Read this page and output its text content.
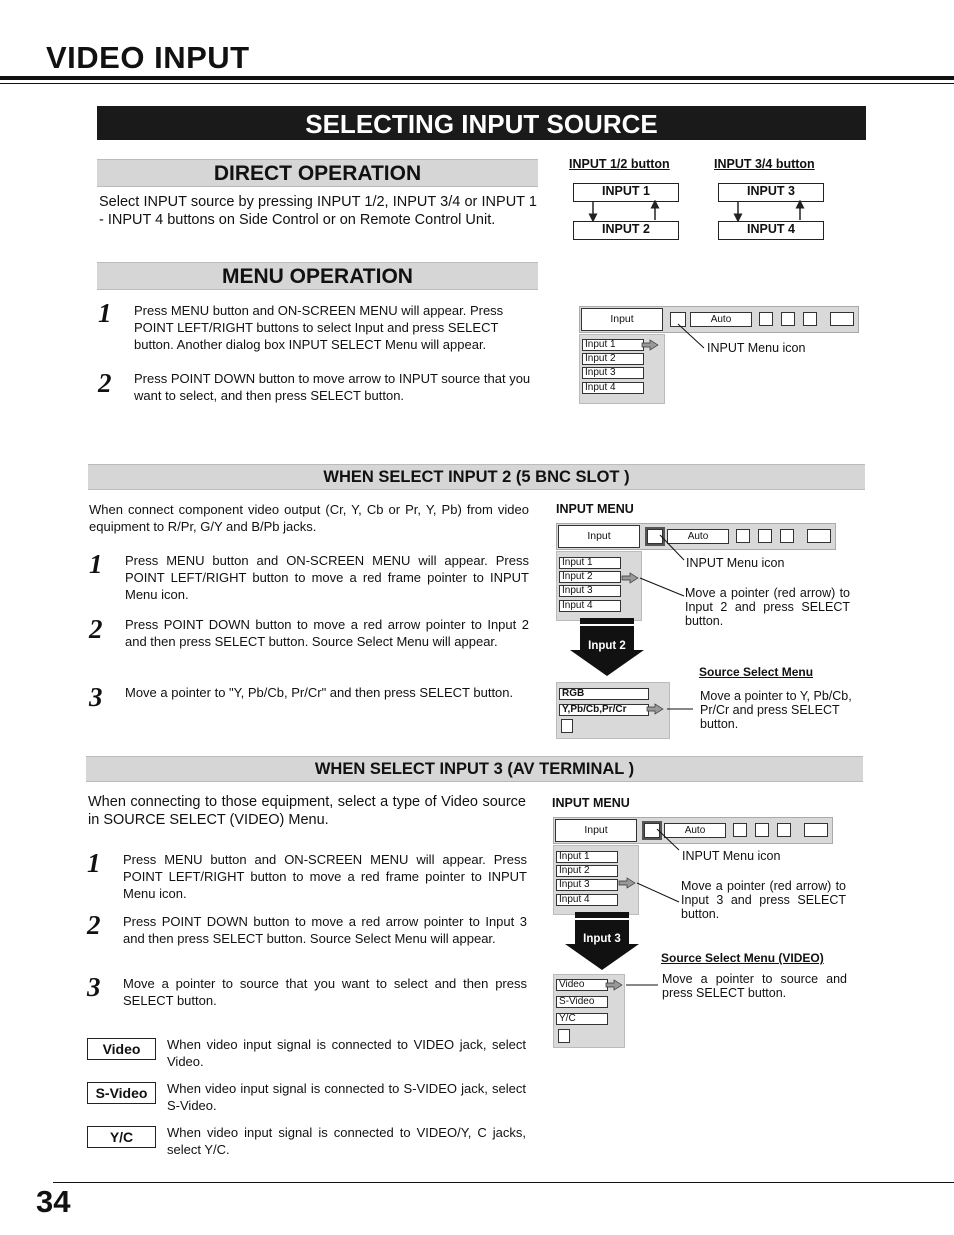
VIDEO INPUT
SELECTING INPUT SOURCE
DIRECT OPERATION
Select INPUT source by pressing INPUT 1/2, INPUT 3/4 or INPUT 1 - INPUT 4 buttons on Side Control or on Remote Control Unit.
INPUT 1/2 button	INPUT 3/4 button
INPUT 1
INPUT 2
INPUT 3
INPUT 4
MENU OPERATION
1 Press MENU button and ON-SCREEN MENU will appear. Press POINT LEFT/RIGHT buttons to select Input and press SELECT button. Another dialog box INPUT SELECT Menu will appear.
2 Press POINT DOWN button to move arrow to INPUT source that you want to select, and then press SELECT button.
Input	Auto
Input 1
Input 2
Input 3
Input 4
INPUT Menu icon
WHEN SELECT INPUT 2 (5 BNC SLOT )
When connect component video output (Cr, Y, Cb or Pr, Y, Pb) from video equipment to R/Pr, G/Y and B/Pb jacks.
1 Press MENU button and ON-SCREEN MENU will appear. Press POINT LEFT/RIGHT button to move a red frame pointer to INPUT Menu icon.
2 Press POINT DOWN button to move a red arrow pointer to Input 2 and then press SELECT button. Source Select Menu will appear.
3 Move a pointer to "Y, Pb/Cb, Pr/Cr" and then press SELECT button.
INPUT MENU
Input	Auto
Input 1
Input 2
Input 3
Input 4
Input 2
INPUT Menu icon
Move a pointer (red arrow) to Input 2 and press SELECT button.
Source Select Menu
RGB
Y,Pb/Cb,Pr/Cr
Move a pointer to Y, Pb/Cb, Pr/Cr and press SELECT button.
WHEN SELECT INPUT 3 (AV TERMINAL )
When connecting to those equipment, select a type of Video source in SOURCE SELECT (VIDEO) Menu.
1 Press MENU button and ON-SCREEN MENU will appear. Press POINT LEFT/RIGHT button to move a red frame pointer to INPUT Menu icon.
2 Press POINT DOWN button to move a red arrow pointer to Input 3 and then press SELECT button. Source Select Menu will appear.
3 Move a pointer to source that you want to select and then press SELECT button.
INPUT MENU
Input	Auto
Input 1
Input 2
Input 3
Input 4
Input 3
INPUT Menu icon
Move a pointer (red arrow) to Input 3 and press SELECT button.
Source Select Menu (VIDEO)
Video
S-Video
Y/C
Move a pointer to source and press SELECT button.
Video	When video input signal is connected to VIDEO jack, select Video.
S-Video	When video input signal is connected to S-VIDEO jack, select S-Video.
Y/C	When video input signal is connected to VIDEO/Y, C jacks, select Y/C.
34
